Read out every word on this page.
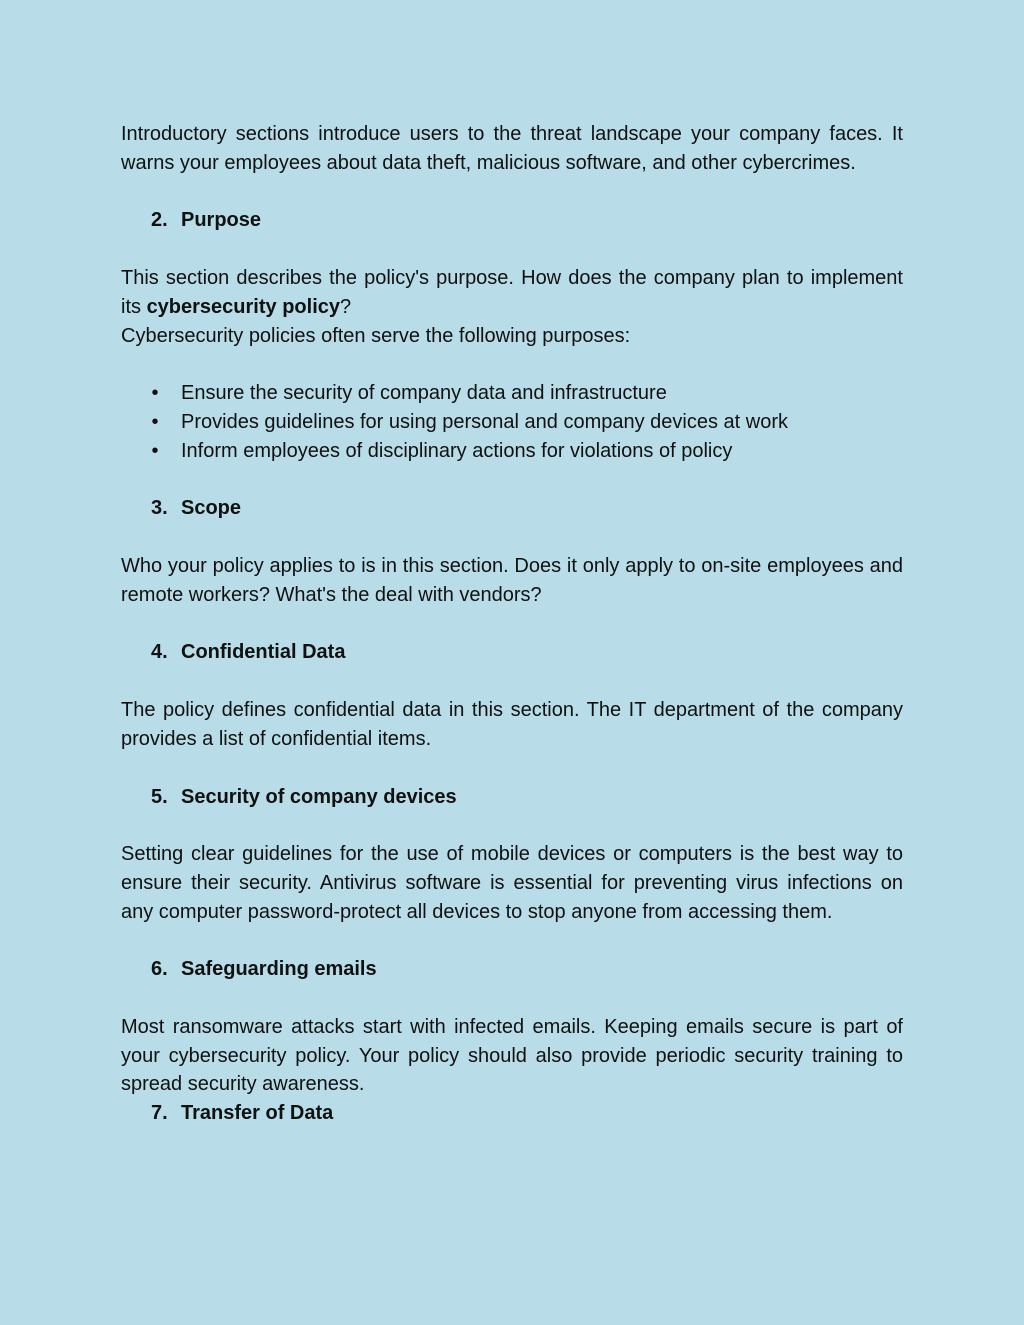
Introductory sections introduce users to the threat landscape your company faces. It warns your employees about data theft, malicious software, and other cybercrimes.

2. Purpose

This section describes the policy's purpose. How does the company plan to implement its cybersecurity policy?

Cybersecurity policies often serve the following purposes:

• Ensure the security of company data and infrastructure
• Provides guidelines for using personal and company devices at work
• Inform employees of disciplinary actions for violations of policy
3. Scope

Who your policy applies to is in this section. Does it only apply to on-site employees and remote workers? What's the deal with vendors?

4. Confidential Data

The policy defines confidential data in this section. The IT department of the company provides a list of confidential items.

5. Security of company devices

Setting clear guidelines for the use of mobile devices or computers is the best way to ensure their security. Antivirus software is essential for preventing virus infections on any computer password-protect all devices to stop anyone from accessing them.

6. Safeguarding emails

Most ransomware attacks start with infected emails. Keeping emails secure is part of your cybersecurity policy. Your policy should also provide periodic security training to spread security awareness.

7. Transfer of Data
